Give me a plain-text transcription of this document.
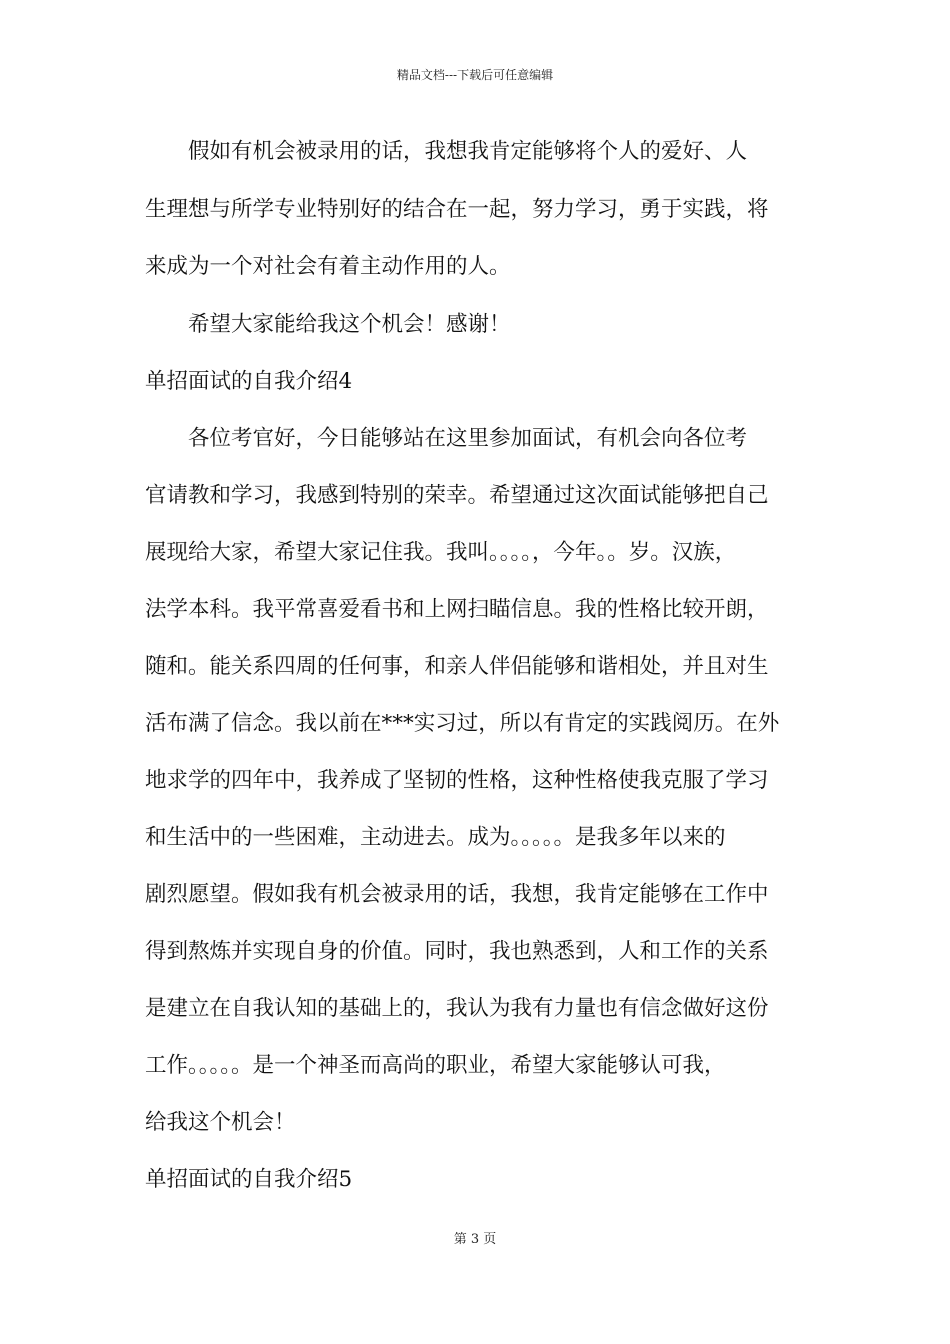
精品文档---下载后可任意编辑
　　假如有机会被录用的话，我想我肯定能够将个人的爱好、人
生理想与所学专业特别好的结合在一起，努力学习，勇于实践，将
来成为一个对社会有着主动作用的人。
　　希望大家能给我这个机会！感谢！
单招面试的自我介绍4
　　各位考官好，今日能够站在这里参加面试，有机会向各位考
官请教和学习，我感到特别的荣幸。希望通过这次面试能够把自己
展现给大家，希望大家记住我。我叫。。。。，今年。。岁。汉族，
法学本科。我平常喜爱看书和上网扫瞄信息。我的性格比较开朗，
随和。能关系四周的任何事，和亲人伴侣能够和谐相处，并且对生
活布满了信念。我以前在***实习过，所以有肯定的实践阅历。在外
地求学的四年中，我养成了坚韧的性格，这种性格使我克服了学习
和生活中的一些困难，主动进去。成为。。。。。是我多年以来的
剧烈愿望。假如我有机会被录用的话，我想，我肯定能够在工作中
得到熬炼并实现自身的价值。同时，我也熟悉到，人和工作的关系
是建立在自我认知的基础上的，我认为我有力量也有信念做好这份
工作。。。。。是一个神圣而高尚的职业，希望大家能够认可我，
给我这个机会！
单招面试的自我介绍5
第 3 页
